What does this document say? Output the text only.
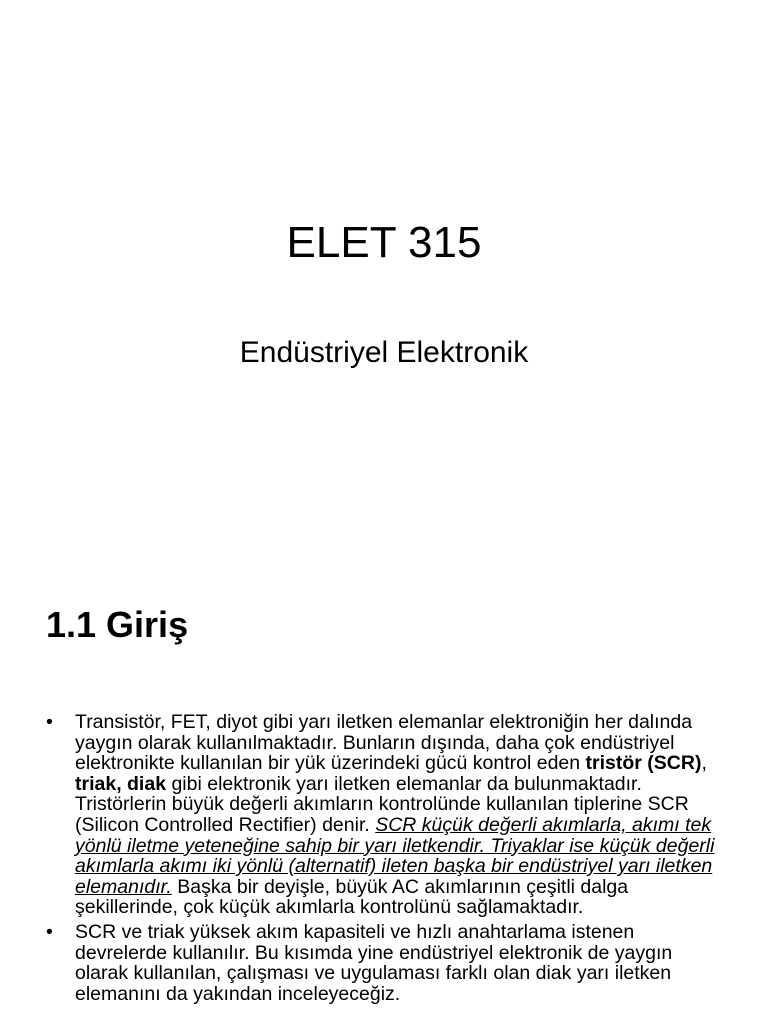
ELET 315
Endüstriyel Elektronik
1.1 Giriş
• Transistör, FET, diyot gibi yarı iletken elemanlar elektroniğin her dalında yaygın olarak kullanılmaktadır. Bunların dışında, daha çok endüstriyel elektronikte kullanılan bir yük üzerindeki gücü kontrol eden tristör (SCR), triak, diak gibi elektronik yarı iletken elemanlar da bulunmaktadır. Tristörlerin büyük değerli akımların kontrolünde kullanılan tiplerine SCR (Silicon Controlled Rectifier) denir. SCR küçük değerli akımlarla, akımı tek yönlü iletme yeteneğine sahip bir yarı iletkendir. Triyaklar ise küçük değerli akımlarla akımı iki yönlü (alternatif) ileten başka bir endüstriyel yarı iletken elemanıdır. Başka bir deyişle, büyük AC akımlarının çeşitli dalga şekillerinde, çok küçük akımlarla kontrolünü sağlamaktadır.
• SCR ve triak yüksek akım kapasiteli ve hızlı anahtarlama istenen devrelerde kullanılır. Bu kısımda yine endüstriyel elektronik de yaygın olarak kullanılan, çalışması ve uygulaması farklı olan diak yarı iletken elemanını da yakından inceleyeceğiz.
